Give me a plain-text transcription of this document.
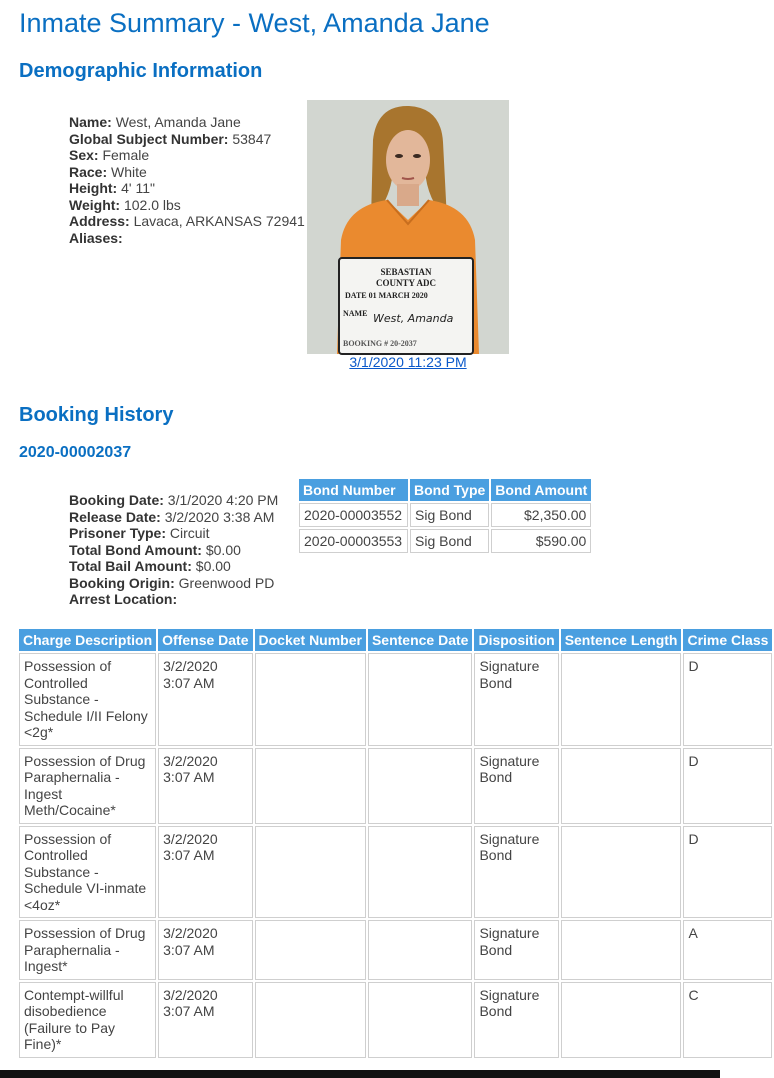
Inmate Summary - West, Amanda Jane
Demographic Information
Name: West, Amanda Jane
Global Subject Number: 53847
Sex: Female
Race: White
Height: 4' 11"
Weight: 102.0 lbs
Address: Lavaca, ARKANSAS 72941
Aliases:
SEBASTIAN
COUNTY ADC
DATE 01 MARCH 2020
NAME West, Amanda
BOOKING # 20-2037
3/1/2020 11:23 PM
Booking History
2020-00002037
Booking Date: 3/1/2020 4:20 PM
Release Date: 3/2/2020 3:38 AM
Prisoner Type: Circuit
Total Bond Amount: $0.00
Total Bail Amount: $0.00
Booking Origin: Greenwood PD
Arrest Location:
Bond Number	Bond Type	Bond Amount
2020-00003552	Sig Bond	$2,350.00
2020-00003553	Sig Bond	$590.00
Charge Description	Offense Date	Docket Number	Sentence Date	Disposition	Sentence Length	Crime Class
Possession of Controlled Substance - Schedule I/II Felony <2g*	3/2/2020 3:07 AM			Signature Bond		D
Possession of Drug Paraphernalia - Ingest Meth/Cocaine*	3/2/2020 3:07 AM			Signature Bond		D
Possession of Controlled Substance - Schedule VI-inmate <4oz*	3/2/2020 3:07 AM			Signature Bond		D
Possession of Drug Paraphernalia - Ingest*	3/2/2020 3:07 AM			Signature Bond		A
Contempt-willful disobedience (Failure to Pay Fine)*	3/2/2020 3:07 AM			Signature Bond		C
